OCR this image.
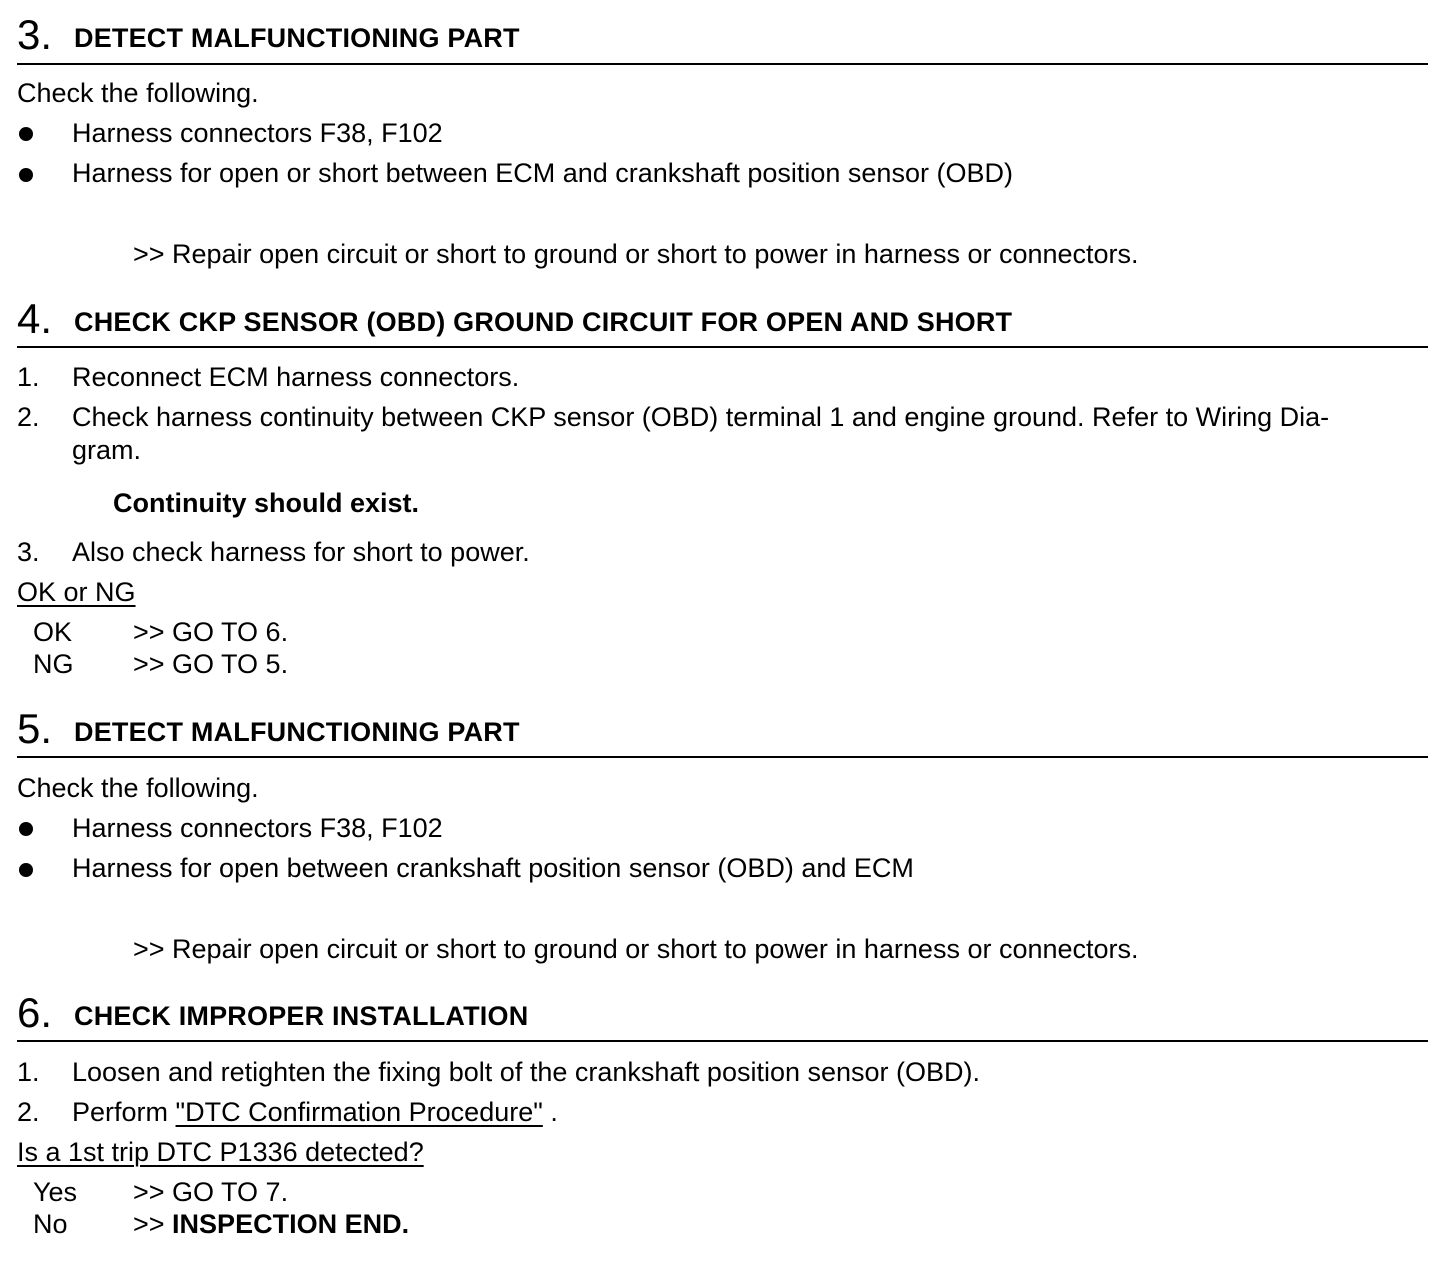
3. DETECT MALFUNCTIONING PART
Check the following.
Harness connectors F38, F102
Harness for open or short between ECM and crankshaft position sensor (OBD)
>> Repair open circuit or short to ground or short to power in harness or connectors.
4. CHECK CKP SENSOR (OBD) GROUND CIRCUIT FOR OPEN AND SHORT
1. Reconnect ECM harness connectors.
2. Check harness continuity between CKP sensor (OBD) terminal 1 and engine ground. Refer to Wiring Dia-
gram.
Continuity should exist.
3. Also check harness for short to power.
OK or NG
OK >> GO TO 6.
NG >> GO TO 5.
5. DETECT MALFUNCTIONING PART
Check the following.
Harness connectors F38, F102
Harness for open between crankshaft position sensor (OBD) and ECM
>> Repair open circuit or short to ground or short to power in harness or connectors.
6. CHECK IMPROPER INSTALLATION
1. Loosen and retighten the fixing bolt of the crankshaft position sensor (OBD).
2. Perform "DTC Confirmation Procedure" .
Is a 1st trip DTC P1336 detected?
Yes >> GO TO 7.
No >> INSPECTION END.
